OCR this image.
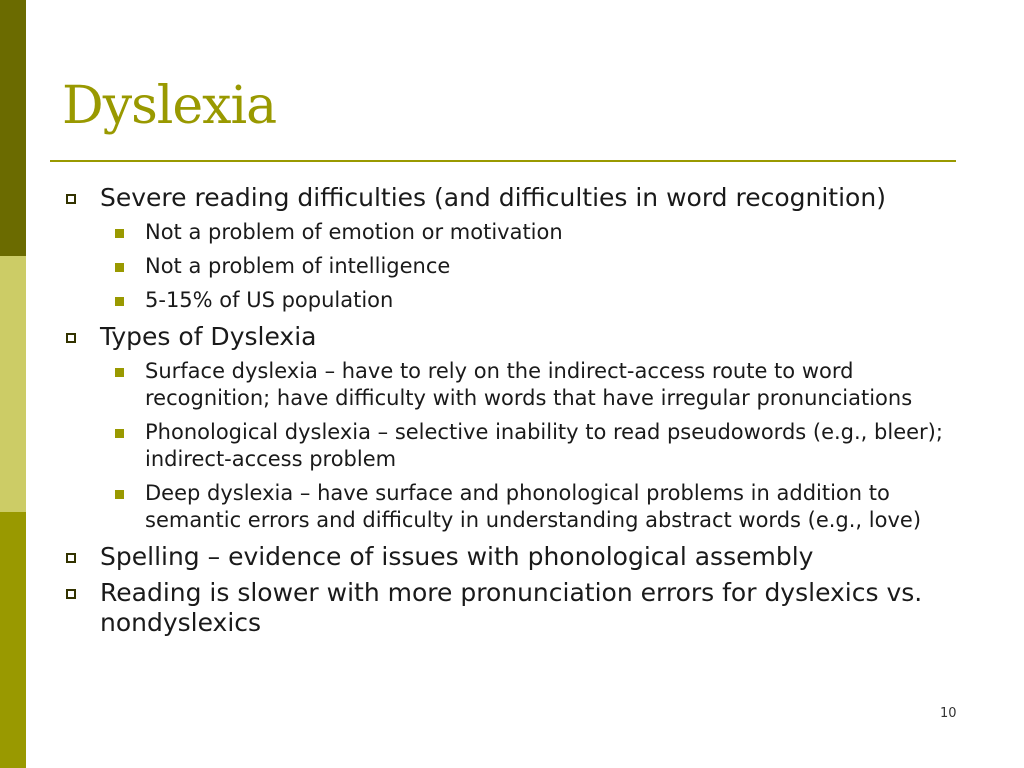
Dyslexia
Severe reading difficulties (and difficulties in word recognition)
Not a problem of emotion or motivation
Not a problem of intelligence
5-15% of US population
Types of Dyslexia
Surface dyslexia – have to rely on the indirect-access route to word recognition; have difficulty with words that have irregular pronunciations
Phonological dyslexia – selective inability to read pseudowords (e.g., bleer); indirect-access problem
Deep dyslexia – have surface and phonological problems in addition to semantic errors and difficulty in understanding abstract words (e.g., love)
Spelling – evidence of issues with phonological assembly
Reading is slower with more pronunciation errors for dyslexics vs. nondyslexics
10
